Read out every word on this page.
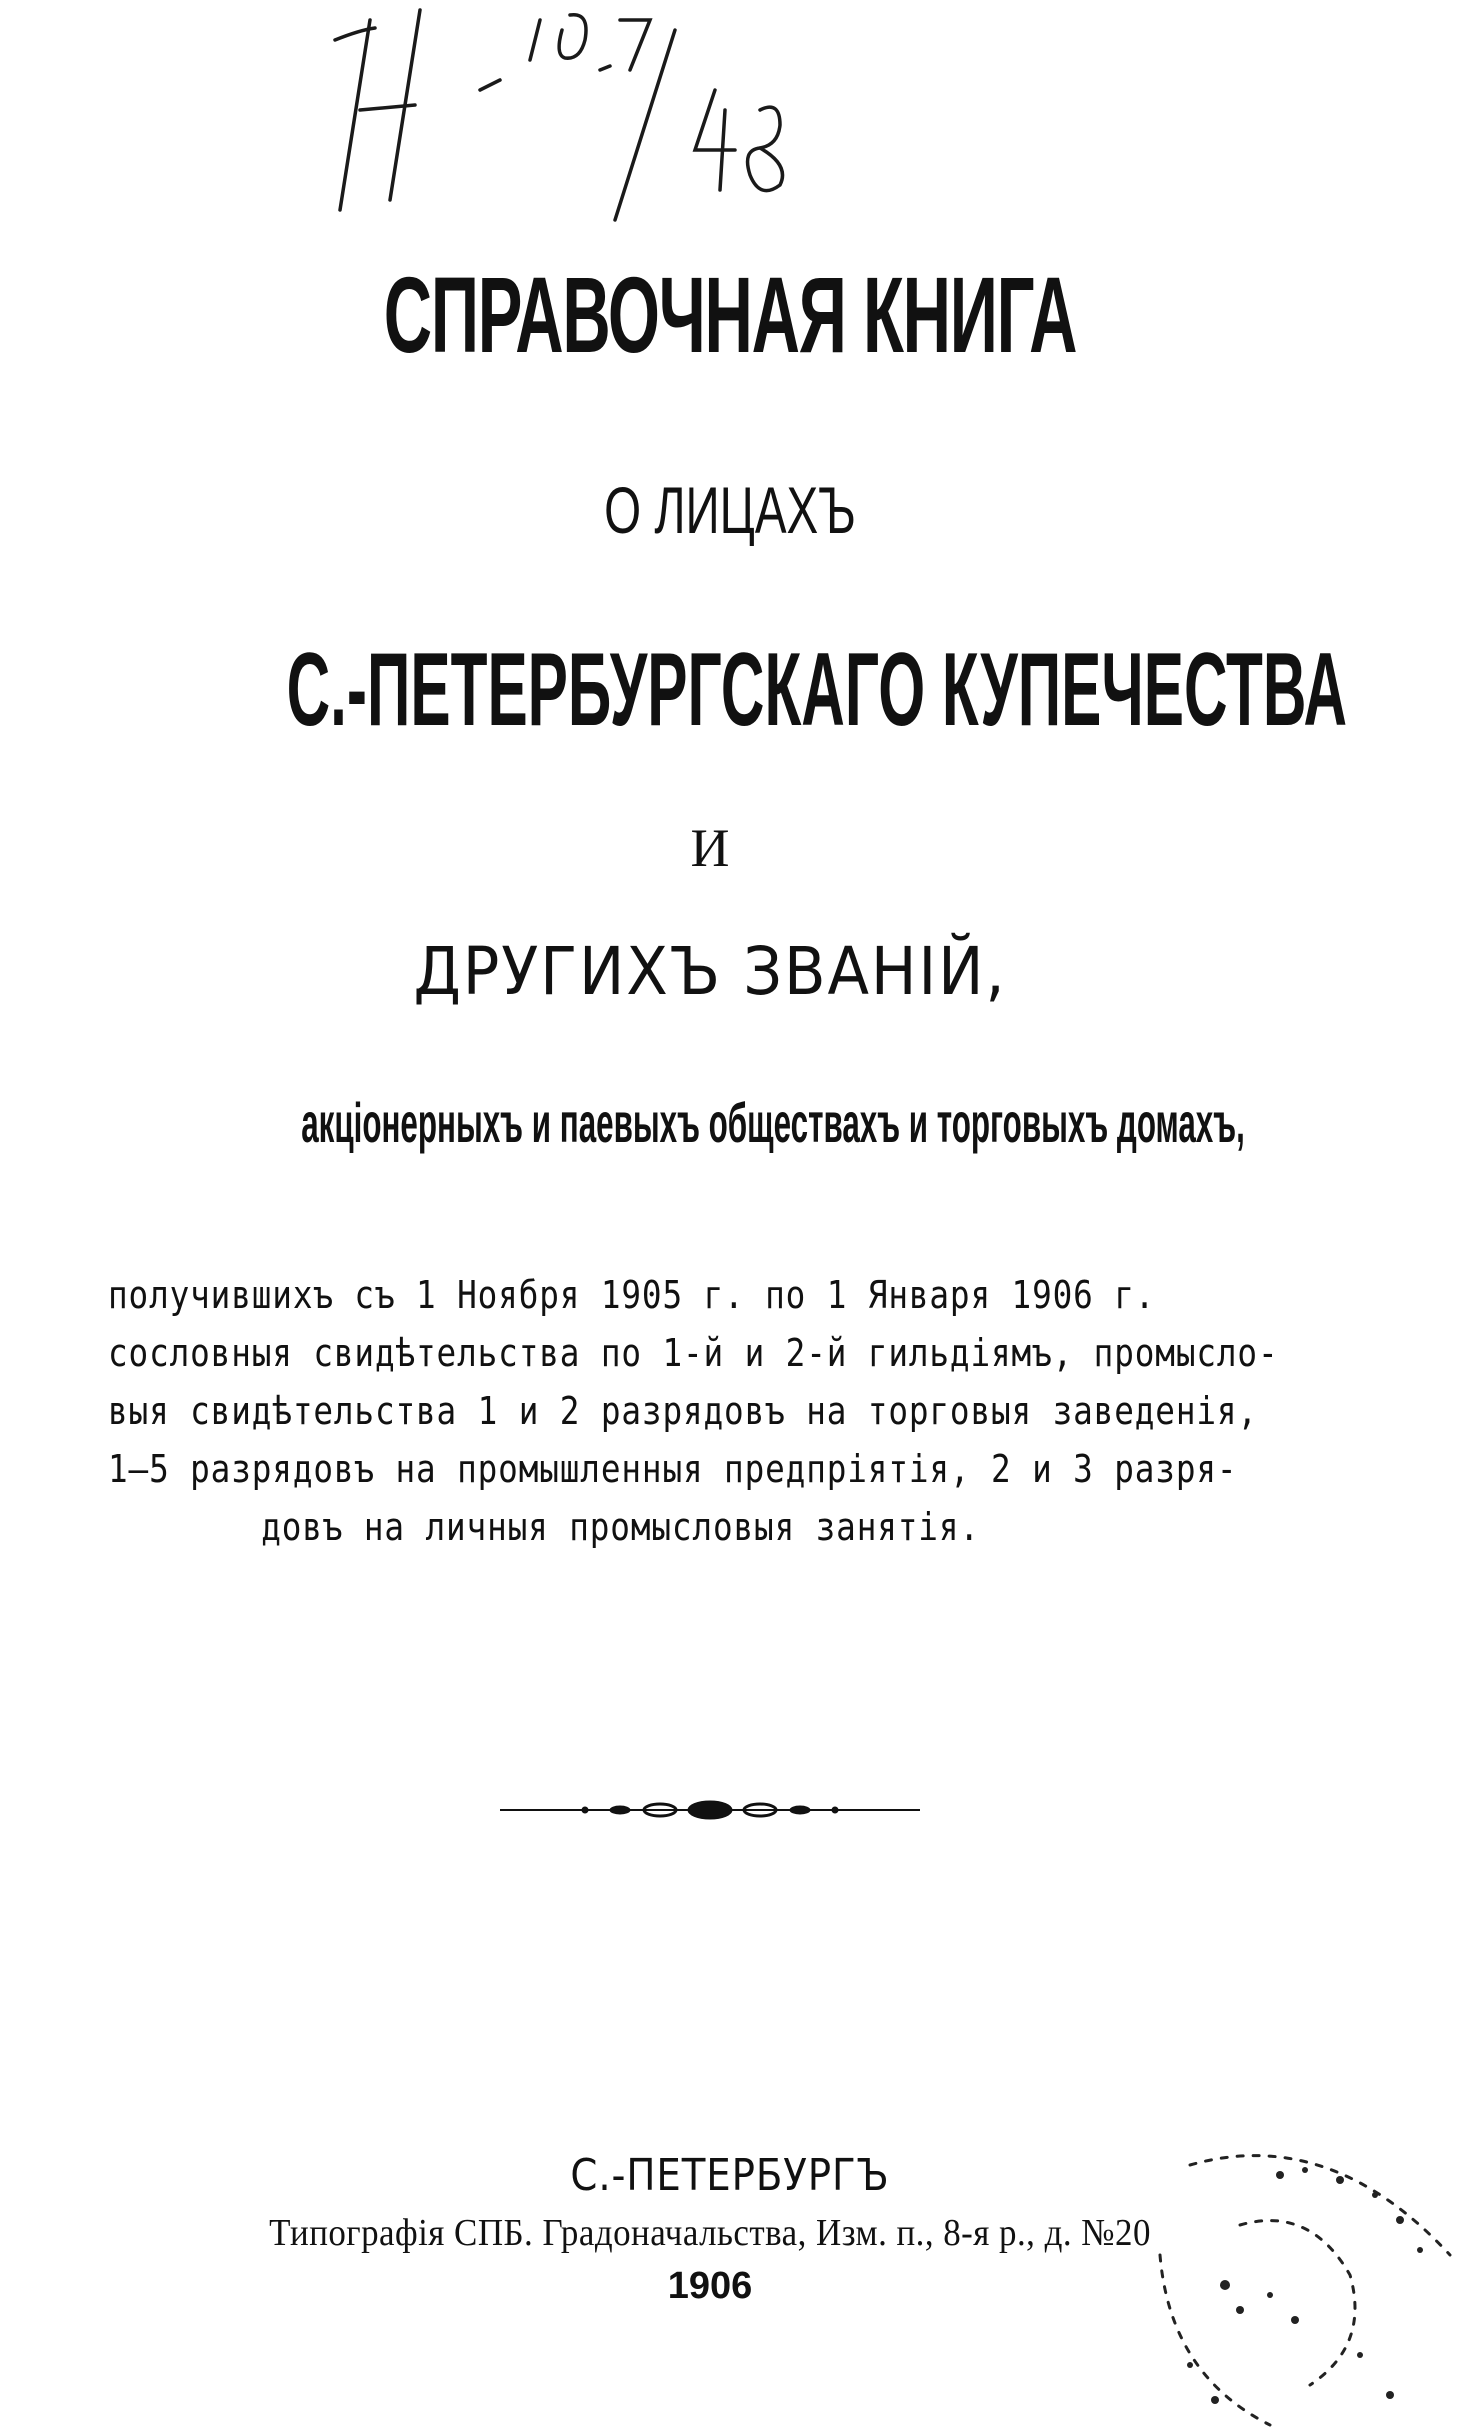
СПРАВОЧНАЯ КНИГА
О ЛИЦАХЪ
С.-ПЕТЕРБУРГСКАГО КУПЕЧЕСТВА
И
ДРУГИХЪ ЗВАНІЙ,
акціонерныхъ и паевыхъ обществахъ и торговыхъ домахъ,
получившихъ съ 1 Ноября 1905 г. по 1 Января 1906 г.
сословныя свидѣтельства по 1-й и 2-й гильдіямъ, промысло-
выя свидѣтельства 1 и 2 разрядовъ на торговыя заведенія,
1—5 разрядовъ на промышленныя предпріятія, 2 и 3 разря-
довъ на личныя промысловыя занятія.
С.-ПЕТЕРБУРГЪ
Типографія СПБ. Градоначальства, Изм. п., 8-я р., д. №20
1906
